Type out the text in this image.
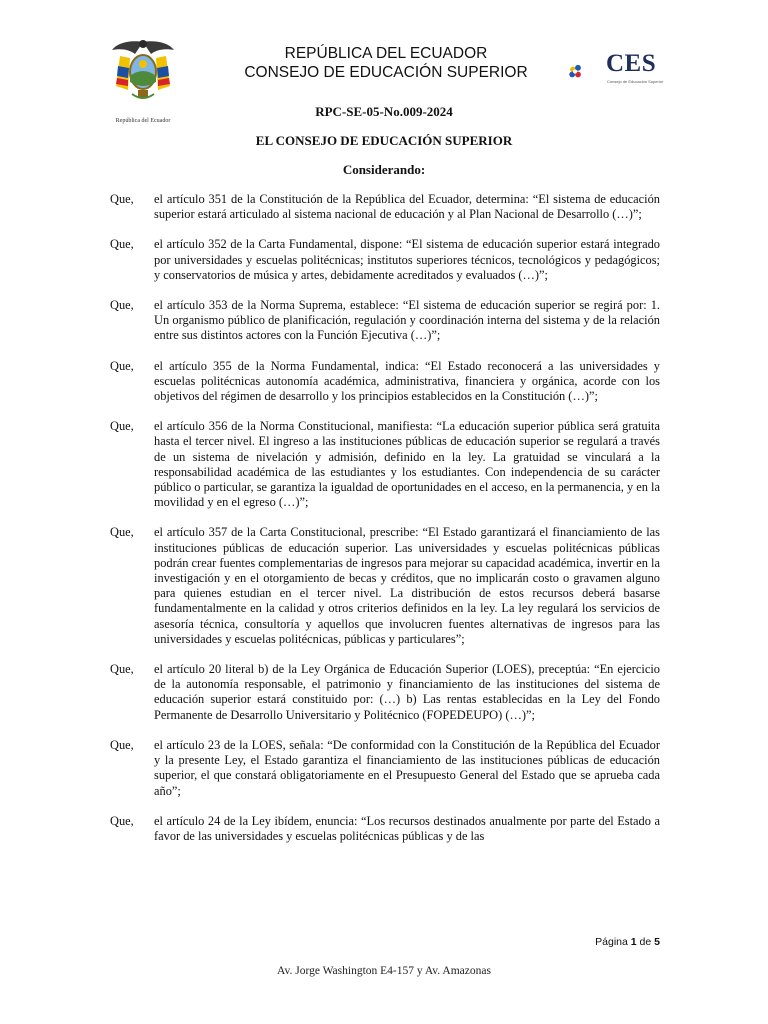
República del Ecuador
REPÚBLICA DEL ECUADOR
CONSEJO DE EDUCACIÓN SUPERIOR	CES
Consejo de Educación Superior
RPC-SE-05-No.009-2024
EL CONSEJO DE EDUCACIÓN SUPERIOR
Considerando:

Que, el artículo 351 de la Constitución de la República del Ecuador, determina: “El sistema de educación superior estará articulado al sistema nacional de educación y al Plan Nacional de Desarrollo (…)”;

Que, el artículo 352 de la Carta Fundamental, dispone: “El sistema de educación superior estará integrado por universidades y escuelas politécnicas; institutos superiores técnicos, tecnológicos y pedagógicos; y conservatorios de música y artes, debidamente acreditados y evaluados (…)”;

Que, el artículo 353 de la Norma Suprema, establece: “El sistema de educación superior se regirá por: 1. Un organismo público de planificación, regulación y coordinación interna del sistema y de la relación entre sus distintos actores con la Función Ejecutiva (…)”;

Que, el artículo 355 de la Norma Fundamental, indica: “El Estado reconocerá a las universidades y escuelas politécnicas autonomía académica, administrativa, financiera y orgánica, acorde con los objetivos del régimen de desarrollo y los principios establecidos en la Constitución (…)”;

Que, el artículo 356 de la Norma Constitucional, manifiesta: “La educación superior pública será gratuita hasta el tercer nivel. El ingreso a las instituciones públicas de educación superior se regulará a través de un sistema de nivelación y admisión, definido en la ley. La gratuidad se vinculará a la responsabilidad académica de las estudiantes y los estudiantes. Con independencia de su carácter público o particular, se garantiza la igualdad de oportunidades en el acceso, en la permanencia, y en la movilidad y en el egreso (…)”;

Que, el artículo 357 de la Carta Constitucional, prescribe: “El Estado garantizará el financiamiento de las instituciones públicas de educación superior. Las universidades y escuelas politécnicas públicas podrán crear fuentes complementarias de ingresos para mejorar su capacidad académica, invertir en la investigación y en el otorgamiento de becas y créditos, que no implicarán costo o gravamen alguno para quienes estudian en el tercer nivel. La distribución de estos recursos deberá basarse fundamentalmente en la calidad y otros criterios definidos en la ley. La ley regulará los servicios de asesoría técnica, consultoría y aquellos que involucren fuentes alternativas de ingresos para las universidades y escuelas politécnicas, públicas y particulares”;

Que, el artículo 20 literal b) de la Ley Orgánica de Educación Superior (LOES), preceptúa: “En ejercicio de la autonomía responsable, el patrimonio y financiamiento de las instituciones del sistema de educación superior estará constituido por: (…) b) Las rentas establecidas en la Ley del Fondo Permanente de Desarrollo Universitario y Politécnico (FOPEDEUPO) (…)”;

Que, el artículo 23 de la LOES, señala: “De conformidad con la Constitución de la República del Ecuador y la presente Ley, el Estado garantiza el financiamiento de las instituciones públicas de educación superior, el que constará obligatoriamente en el Presupuesto General del Estado que se aprueba cada año”;

Que, el artículo 24 de la Ley ibídem, enuncia: “Los recursos destinados anualmente por parte del Estado a favor de las universidades y escuelas politécnicas públicas y de las

Página 1 de 5
Av. Jorge Washington E4-157 y Av. Amazonas
